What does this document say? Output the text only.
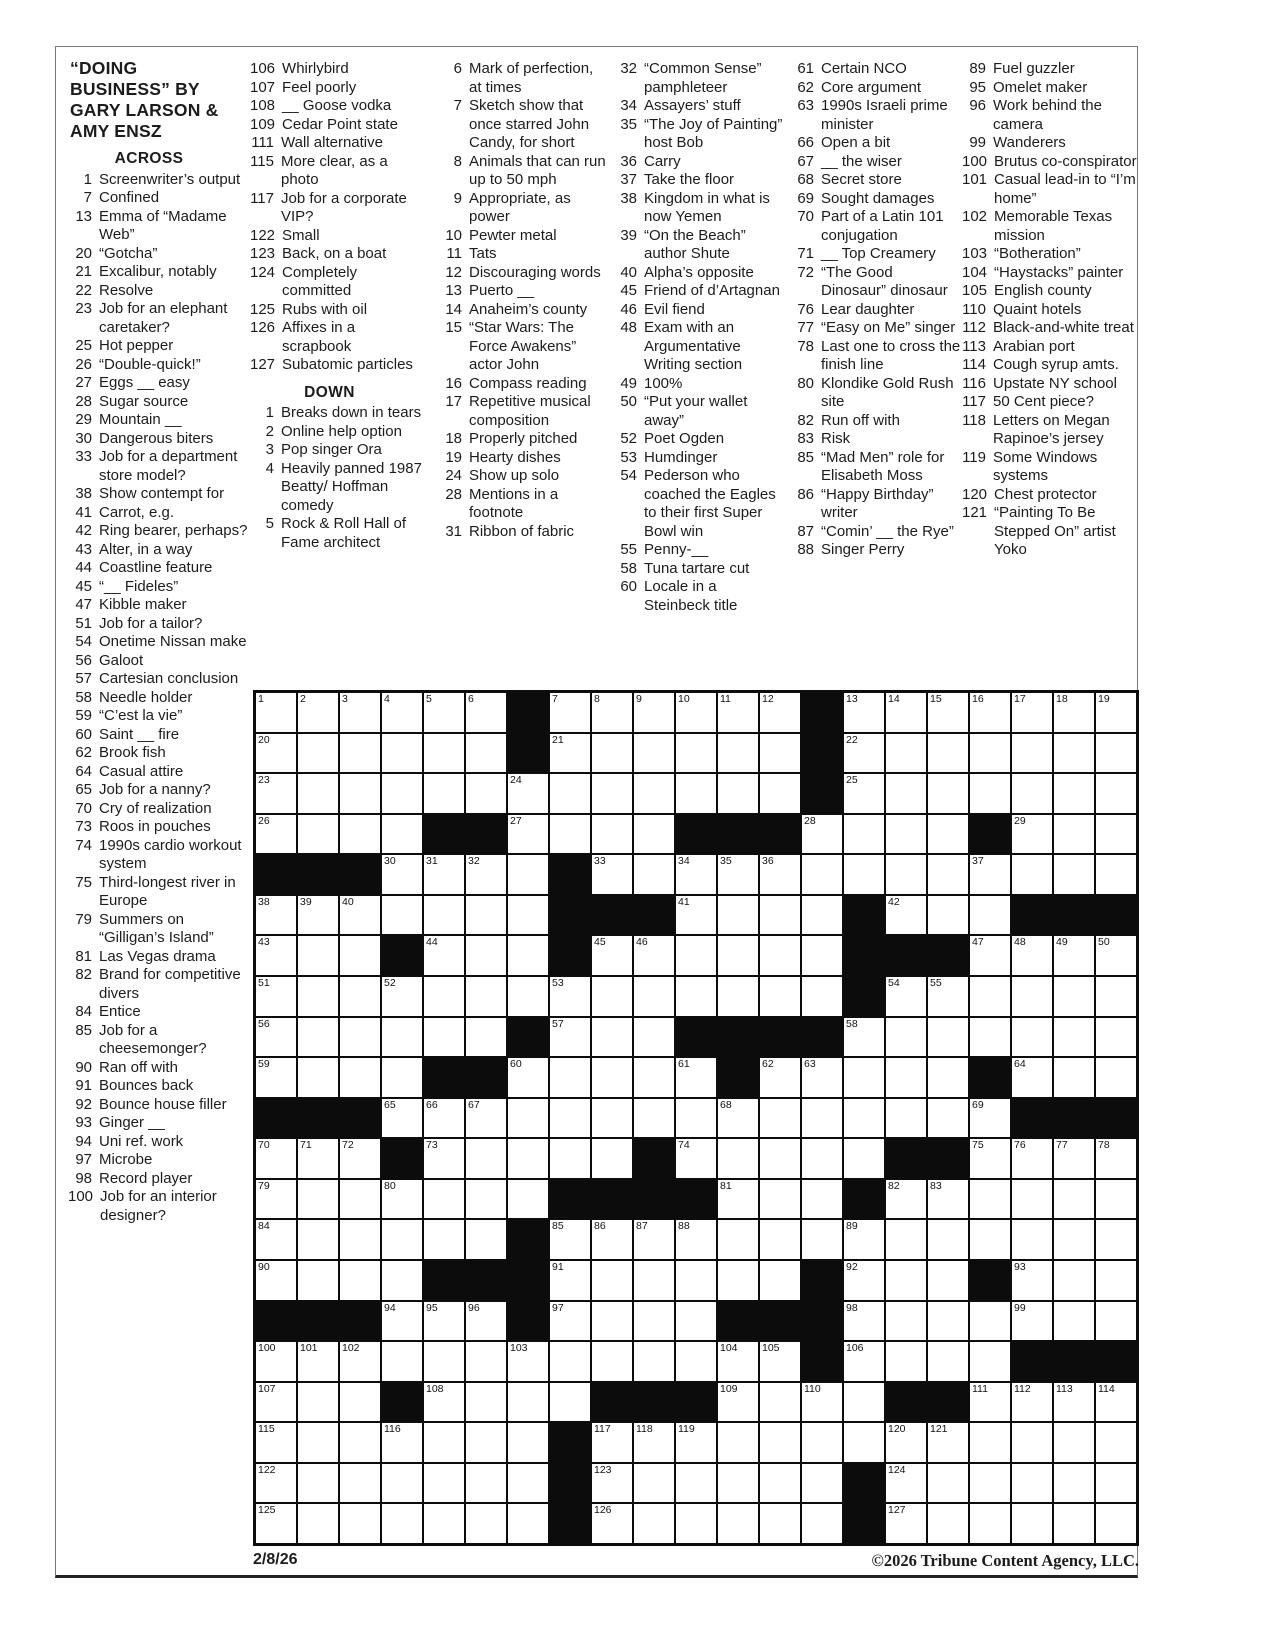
“DOING BUSINESS” BY GARY LARSON & AMY ENSZ
ACROSS
1 Screenwriter’s output
7 Confined
13 Emma of “Madame Web”
20 “Gotcha”
21 Excalibur, notably
22 Resolve
23 Job for an elephant caretaker?
25 Hot pepper
26 “Double-quick!”
27 Eggs __ easy
28 Sugar source
29 Mountain __
30 Dangerous biters
33 Job for a department store model?
38 Show contempt for
41 Carrot, e.g.
42 Ring bearer, perhaps?
43 Alter, in a way
44 Coastline feature
45 “__ Fideles”
47 Kibble maker
51 Job for a tailor?
54 Onetime Nissan make
56 Galoot
57 Cartesian conclusion
58 Needle holder
59 “C’est la vie”
60 Saint __ fire
62 Brook fish
64 Casual attire
65 Job for a nanny?
70 Cry of realization
73 Roos in pouches
74 1990s cardio workout system
75 Third-longest river in Europe
79 Summers on “Gilligan’s Island”
81 Las Vegas drama
82 Brand for competitive divers
84 Entice
85 Job for a cheesemonger?
90 Ran off with
91 Bounces back
92 Bounce house filler
93 Ginger __
94 Uni ref. work
97 Microbe
98 Record player
100 Job for an interior designer?
106 Whirlybird
107 Feel poorly
108 __ Goose vodka
109 Cedar Point state
111 Wall alternative
115 More clear, as a photo
117 Job for a corporate VIP?
122 Small
123 Back, on a boat
124 Completely committed
125 Rubs with oil
126 Affixes in a scrapbook
127 Subatomic particles
DOWN
1 Breaks down in tears
2 Online help option
3 Pop singer Ora
4 Heavily panned 1987 Beatty/ Hoffman comedy
5 Rock & Roll Hall of Fame architect
6 Mark of perfection, at times
7 Sketch show that once starred John Candy, for short
8 Animals that can run up to 50 mph
9 Appropriate, as power
10 Pewter metal
11 Tats
12 Discouraging words
13 Puerto __
14 Anaheim’s county
15 “Star Wars: The Force Awakens” actor John
16 Compass reading
17 Repetitive musical composition
18 Properly pitched
19 Hearty dishes
24 Show up solo
28 Mentions in a footnote
31 Ribbon of fabric
32 “Common Sense” pamphleteer
34 Assayers’ stuff
35 “The Joy of Painting” host Bob
36 Carry
37 Take the floor
38 Kingdom in what is now Yemen
39 “On the Beach” author Shute
40 Alpha’s opposite
45 Friend of d’Artagnan
46 Evil fiend
48 Exam with an Argumentative Writing section
49 100%
50 “Put your wallet away”
52 Poet Ogden
53 Humdinger
54 Pederson who coached the Eagles to their first Super Bowl win
55 Penny-__
58 Tuna tartare cut
60 Locale in a Steinbeck title
61 Certain NCO
62 Core argument
63 1990s Israeli prime minister
66 Open a bit
67 __ the wiser
68 Secret store
69 Sought damages
70 Part of a Latin 101 conjugation
71 __ Top Creamery
72 “The Good Dinosaur” dinosaur
76 Lear daughter
77 “Easy on Me” singer
78 Last one to cross the finish line
80 Klondike Gold Rush site
82 Run off with
83 Risk
85 “Mad Men” role for Elisabeth Moss
86 “Happy Birthday” writer
87 “Comin’ __ the Rye”
88 Singer Perry
89 Fuel guzzler
95 Omelet maker
96 Work behind the camera
99 Wanderers
100 Brutus co-conspirator
101 Casual lead-in to “I’m home”
102 Memorable Texas mission
103 “Botheration”
104 “Haystacks” painter
105 English county
110 Quaint hotels
112 Black-and-white treat
113 Arabian port
114 Cough syrup amts.
116 Upstate NY school
117 50 Cent piece?
118 Letters on Megan Rapinoe’s jersey
119 Some Windows systems
120 Chest protector
121 “Painting To Be Stepped On” artist Yoko
1	2	3	4	5	6	7	8	9	10	11	12	13	14	15	16	17	18	19
20	21	22
23	24	25
26	27	28	29
30	31	32	33	34	35	36	37
38	39	40	41	42
43	44	45	46	47	48	49	50
51	52	53	54	55
56	57	58
59	60	61	62	63	64
65	66	67	68	69
70	71	72	73	74	75	76	77	78
79	80	81	82	83
84	85	86	87	88	89
90	91	92	93
94	95	96	97	98	99
100 101 102	103	104 105	106
107	108	109	110	111 112 113 114
115	116	117 118 119	120 121
122	123	124
125	126	127
2/8/26	©2026 Tribune Content Agency, LLC.
